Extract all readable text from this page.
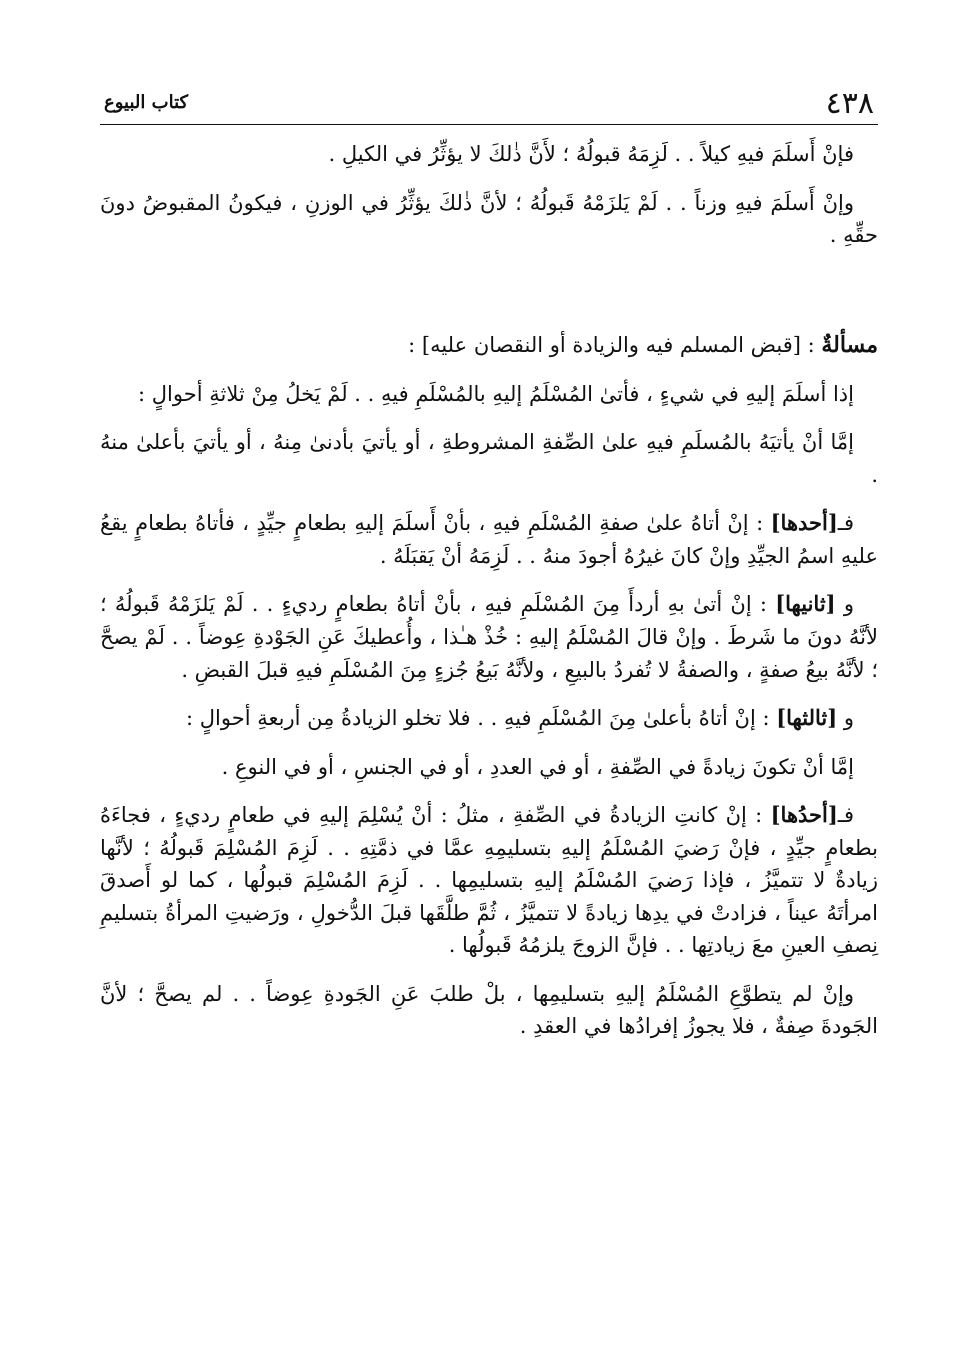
٤٣٨
كتاب البيوع

فإنْ أَسلَمَ فيهِ كيلاً . . لَزِمَهُ قبولُهُ ؛ لأَنَّ ذٰلكَ لا يؤثِّرُ في الكيلِ .

وإنْ أَسلَمَ فيهِ وزناً . . لَمْ يَلزَمْهُ قَبولُهُ ؛ لأنَّ ذٰلكَ يؤثِّرُ في الوزنِ ، فيكونُ المقبوضُ دونَ حقِّهِ .

مسألةٌ : [قبض المسلم فيه والزيادة أو النقصان عليه] :

إذا أسلَمَ إليهِ في شيءٍ ، فأتىٰ المُسْلَمُ إليهِ بالمُسْلَمِ فيهِ . . لَمْ يَخلُ مِنْ ثلاثةِ أحوالٍ :

إمَّا أنْ يأتيَهُ بالمُسلَمِ فيهِ علىٰ الصِّفةِ المشروطةِ ، أو يأتيَ بأدنىٰ مِنهُ ، أو يأتيَ بأعلىٰ منهُ .

فـ[أحدها] : إنْ أتاهُ علىٰ صفةِ المُسْلَمِ فيهِ ، بأنْ أَسلَمَ إليهِ بطعامٍ جيِّدٍ ، فأتاهُ بطعامٍ يقعُ عليهِ اسمُ الجيِّدِ وإنْ كانَ غيرُهُ أجودَ منهُ . . لَزِمَهُ أنْ يَقبَلَهُ .

و [ثانيها] : إنْ أتىٰ بهِ أردأَ مِنَ المُسْلَمِ فيهِ ، بأنْ أتاهُ بطعامٍ رديءٍ . . لَمْ يَلزَمْهُ قَبولُهُ ؛ لأنَّهُ دونَ ما شَرطَ . وإنْ قالَ المُسْلَمُ إليهِ : خُذْ هـٰذا ، وأُعطيكَ عَنِ الجَوْدةِ عِوضاً . . لَمْ يصحَّ ؛ لأنَّهُ بيعُ صفةٍ ، والصفةُ لا تُفردُ بالبيعِ ، ولأنَّهُ بَيعُ جُزءٍ مِنَ المُسْلَمِ فيهِ قبلَ القبضِ .

و [ثالثها] : إنْ أتاهُ بأعلىٰ مِنَ المُسْلَمِ فيهِ . . فلا تخلو الزيادةُ مِن أربعةِ أحوالٍ :

إمَّا أنْ تكونَ زيادةً في الصِّفةِ ، أو في العددِ ، أو في الجنسِ ، أو في النوعِ .

فـ[أحدُها] : إنْ كانتِ الزيادةُ في الصِّفةِ ، مثلُ : أنْ يُسْلِمَ إليهِ في طعامٍ رديءٍ ، فجاءَهُ بطعامٍ جيِّدٍ ، فإنْ رَضيَ المُسْلَمُ إليهِ بتسليمِهِ عمَّا في ذمَّتِهِ . . لَزِمَ المُسْلِمَ قَبولُهُ ؛ لأنَّها زيادةٌ لا تتميَّزُ ، فإذا رَضيَ المُسْلَمُ إليهِ بتسليمِها . . لَزِمَ المُسْلِمَ قبولُها ، كما لو أَصدقَ امرأتَهُ عيناً ، فزادتْ في يدِها زيادةً لا تتميَّزُ ، ثُمَّ طلَّقَها قبلَ الدُّخولِ ، ورَضيتِ المرأةُ بتسليمِ نِصفِ العينِ معَ زيادتِها . . فإنَّ الزوجَ يلزمُهُ قَبولُها .

وإنْ لم يتطوَّعِ المُسْلَمُ إليهِ بتسليمِها ، بلْ طلبَ عَنِ الجَودةِ عِوضاً . . لم يصحَّ ؛ لأنَّ الجَودةَ صِفةٌ ، فلا يجوزُ إفرادُها في العقدِ .
